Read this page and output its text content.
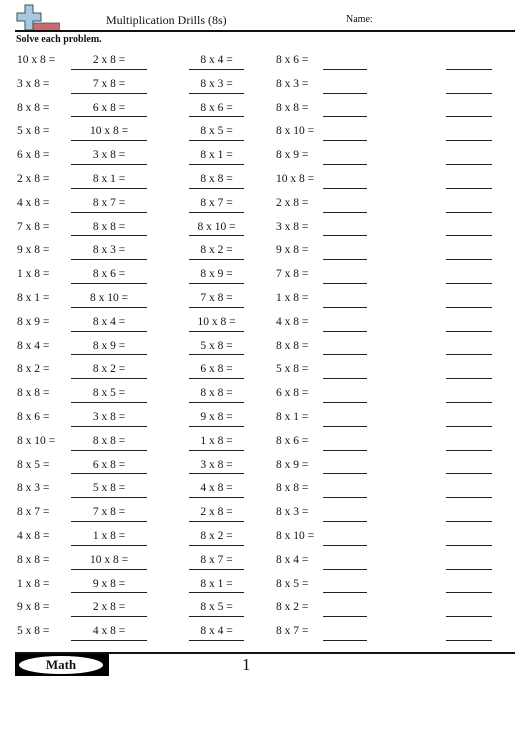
Multiplication Drills (8s)	Name:
Solve each problem.
10 x 8 =	2 x 8 =	8 x 4 =	8 x 6 =
3 x 8 =	7 x 8 =	8 x 3 =	8 x 3 =
8 x 8 =	6 x 8 =	8 x 6 =	8 x 8 =
5 x 8 =	10 x 8 =	8 x 5 =	8 x 10 =
6 x 8 =	3 x 8 =	8 x 1 =	8 x 9 =
2 x 8 =	8 x 1 =	8 x 8 =	10 x 8 =
4 x 8 =	8 x 7 =	8 x 7 =	2 x 8 =
7 x 8 =	8 x 8 =	8 x 10 =	3 x 8 =
9 x 8 =	8 x 3 =	8 x 2 =	9 x 8 =
1 x 8 =	8 x 6 =	8 x 9 =	7 x 8 =
8 x 1 =	8 x 10 =	7 x 8 =	1 x 8 =
8 x 9 =	8 x 4 =	10 x 8 =	4 x 8 =
8 x 4 =	8 x 9 =	5 x 8 =	8 x 8 =
8 x 2 =	8 x 2 =	6 x 8 =	5 x 8 =
8 x 8 =	8 x 5 =	8 x 8 =	6 x 8 =
8 x 6 =	3 x 8 =	9 x 8 =	8 x 1 =
8 x 10 =	8 x 8 =	1 x 8 =	8 x 6 =
8 x 5 =	6 x 8 =	3 x 8 =	8 x 9 =
8 x 3 =	5 x 8 =	4 x 8 =	8 x 8 =
8 x 7 =	7 x 8 =	2 x 8 =	8 x 3 =
4 x 8 =	1 x 8 =	8 x 2 =	8 x 10 =
8 x 8 =	10 x 8 =	8 x 7 =	8 x 4 =
1 x 8 =	9 x 8 =	8 x 1 =	8 x 5 =
9 x 8 =	2 x 8 =	8 x 5 =	8 x 2 =
5 x 8 =	4 x 8 =	8 x 4 =	8 x 7 =
Math	1
